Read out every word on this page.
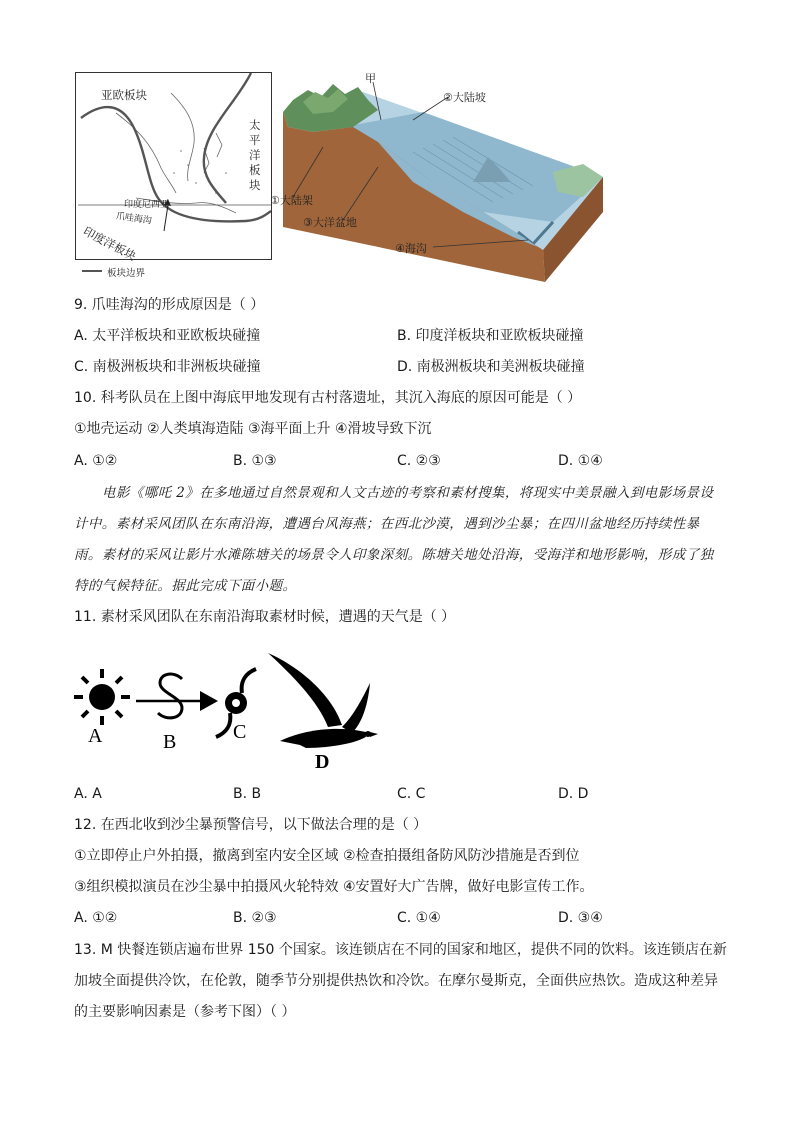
亚欧板块
太平洋板块
印度尼西亚
爪哇海沟
印度洋板块
板块边界
甲
②大陆坡
①大陆架
③大洋盆地
④海沟
9. 爪哇海沟的形成原因是（ ）
A. 太平洋板块和亚欧板块碰撞	B. 印度洋板块和亚欧板块碰撞
C. 南极洲板块和非洲板块碰撞	D. 南极洲板块和美洲板块碰撞
10. 科考队员在上图中海底甲地发现有古村落遗址，其沉入海底的原因可能是（ ）
①地壳运动 ②人类填海造陆 ③海平面上升 ④滑坡导致下沉
A. ①②	B. ①③	C. ②③	D. ①④
电影《哪吒 2》在多地通过自然景观和人文古迹的考察和素材搜集，将现实中美景融入到电影场景设
计中。素材采风团队在东南沿海，遭遇台风海燕；在西北沙漠，遇到沙尘暴；在四川盆地经历持续性暴
雨。素材的采风让影片水滩陈塘关的场景令人印象深刻。陈塘关地处沿海，受海洋和地形影响，形成了独
特的气候特征。据此完成下面小题。
11. 素材采风团队在东南沿海取素材时候，遭遇的天气是（ ）
A	B	C
D
A. A	B. B	C. C	D. D
12. 在西北收到沙尘暴预警信号，以下做法合理的是（ ）
①立即停止户外拍摄，撤离到室内安全区域 ②检查拍摄组备防风防沙措施是否到位
③组织模拟演员在沙尘暴中拍摄风火轮特效 ④安置好大广告牌，做好电影宣传工作。
A. ①②	B. ②③	C. ①④	D. ③④
13. M 快餐连锁店遍布世界 150 个国家。该连锁店在不同的国家和地区，提供不同的饮料。该连锁店在新
加坡全面提供冷饮，在伦敦，随季节分别提供热饮和冷饮。在摩尔曼斯克，全面供应热饮。造成这种差异
的主要影响因素是（参考下图）（ ）
